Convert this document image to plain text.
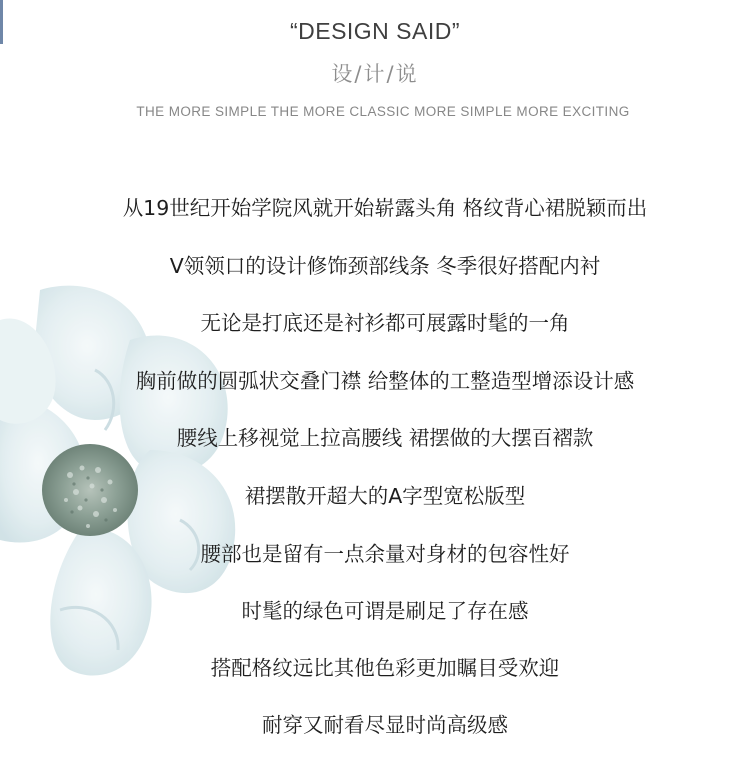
“DESIGN SAID”
设/计/说
THE MORE SIMPLE THE MORE CLASSIC MORE SIMPLE MORE EXCITING
从19世纪开始学院风就开始崭露头角 格纹背心裙脱颖而出
V领领口的设计修饰颈部线条 冬季很好搭配内衬
无论是打底还是衬衫都可展露时髦的一角
胸前做的圆弧状交叠门襟 给整体的工整造型增添设计感
腰线上移视觉上拉高腰线 裙摆做的大摆百褶款
裙摆散开超大的A字型宽松版型
腰部也是留有一点余量对身材的包容性好
时髦的绿色可谓是刷足了存在感
搭配格纹远比其他色彩更加瞩目受欢迎
耐穿又耐看尽显时尚高级感
